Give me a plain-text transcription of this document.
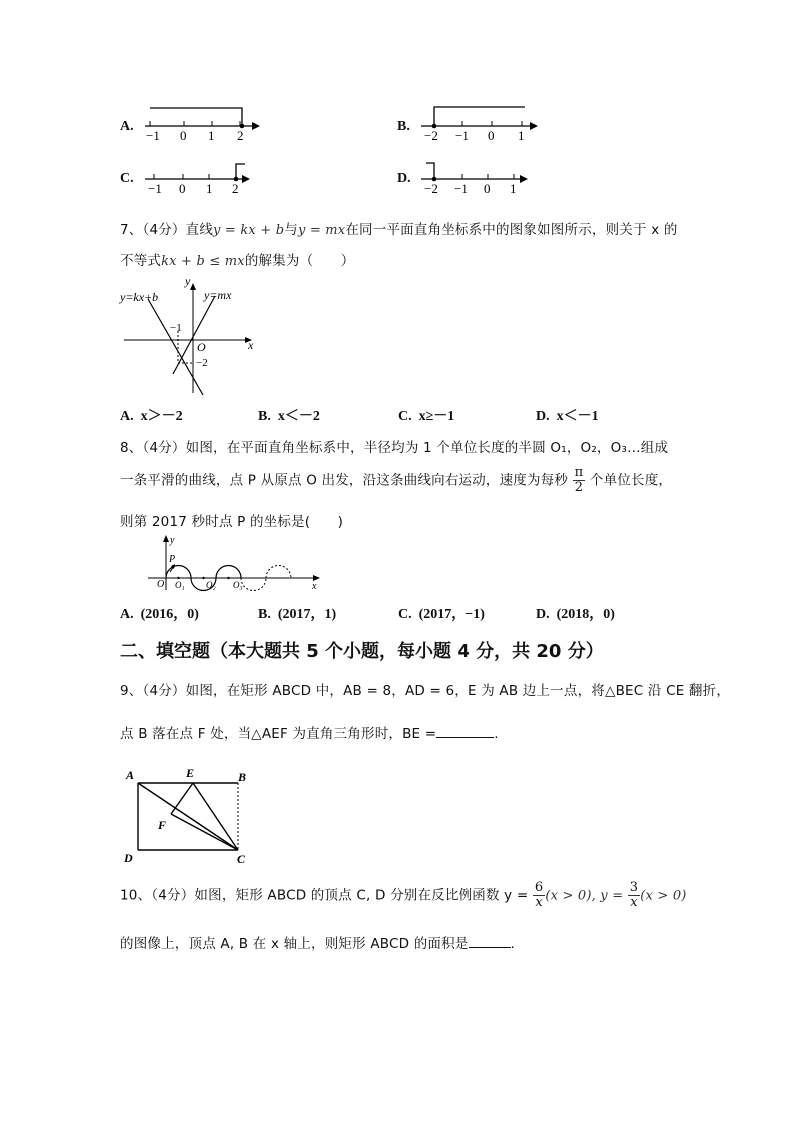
A.
−1 0 1 2
B.
−2 −1 0 1
C.
−1 0 1 2
D.
−2 −1 0 1
7、（4分）直线y = kx + b与y = mx在同一平面直角坐标系中的图象如图所示，则关于 x 的
不等式kx + b ≤ mx的解集为（　　）
y=kx+b	y=mx
y
x
O
−1
−2
A. x＞－2	B. x＜－2	C. x≥－1	D. x＜－1
8、（4分）如图，在平面直角坐标系中，半径均为 1 个单位长度的半圆 O₁，O₂，O₃…组成
一条平滑的曲线，点 P 从原点 O 出发，沿这条曲线向右运动，速度为每秒 $\frac{\pi}{2}$ 个单位长度，
则第 2017 秒时点 P 的坐标是(　　)
y
x
O
P
O₁ O₂ O₃
A. (2016，0)	B. (2017，1)	C. (2017，−1)	D. (2018，0)
二、填空题（本大题共 5 个小题，每小题 4 分，共 20 分）
9、（4分）如图，在矩形 ABCD 中，AB = 8，AD = 6，E 为 AB 边上一点，将△BEC 沿 CE 翻折，
点 B 落在点 F 处，当△AEF 为直角三角形时，BE =	.
A	E	B
F
D	C
10、（4分）如图，矩形 ABCD 的顶点 C, D 分别在反比例函数 $y = \frac{6}{x} (x > 0)$, $y = \frac{3}{x} (x > 0)$
的图像上，顶点 A, B 在 x 轴上，则矩形 ABCD 的面积是	.
